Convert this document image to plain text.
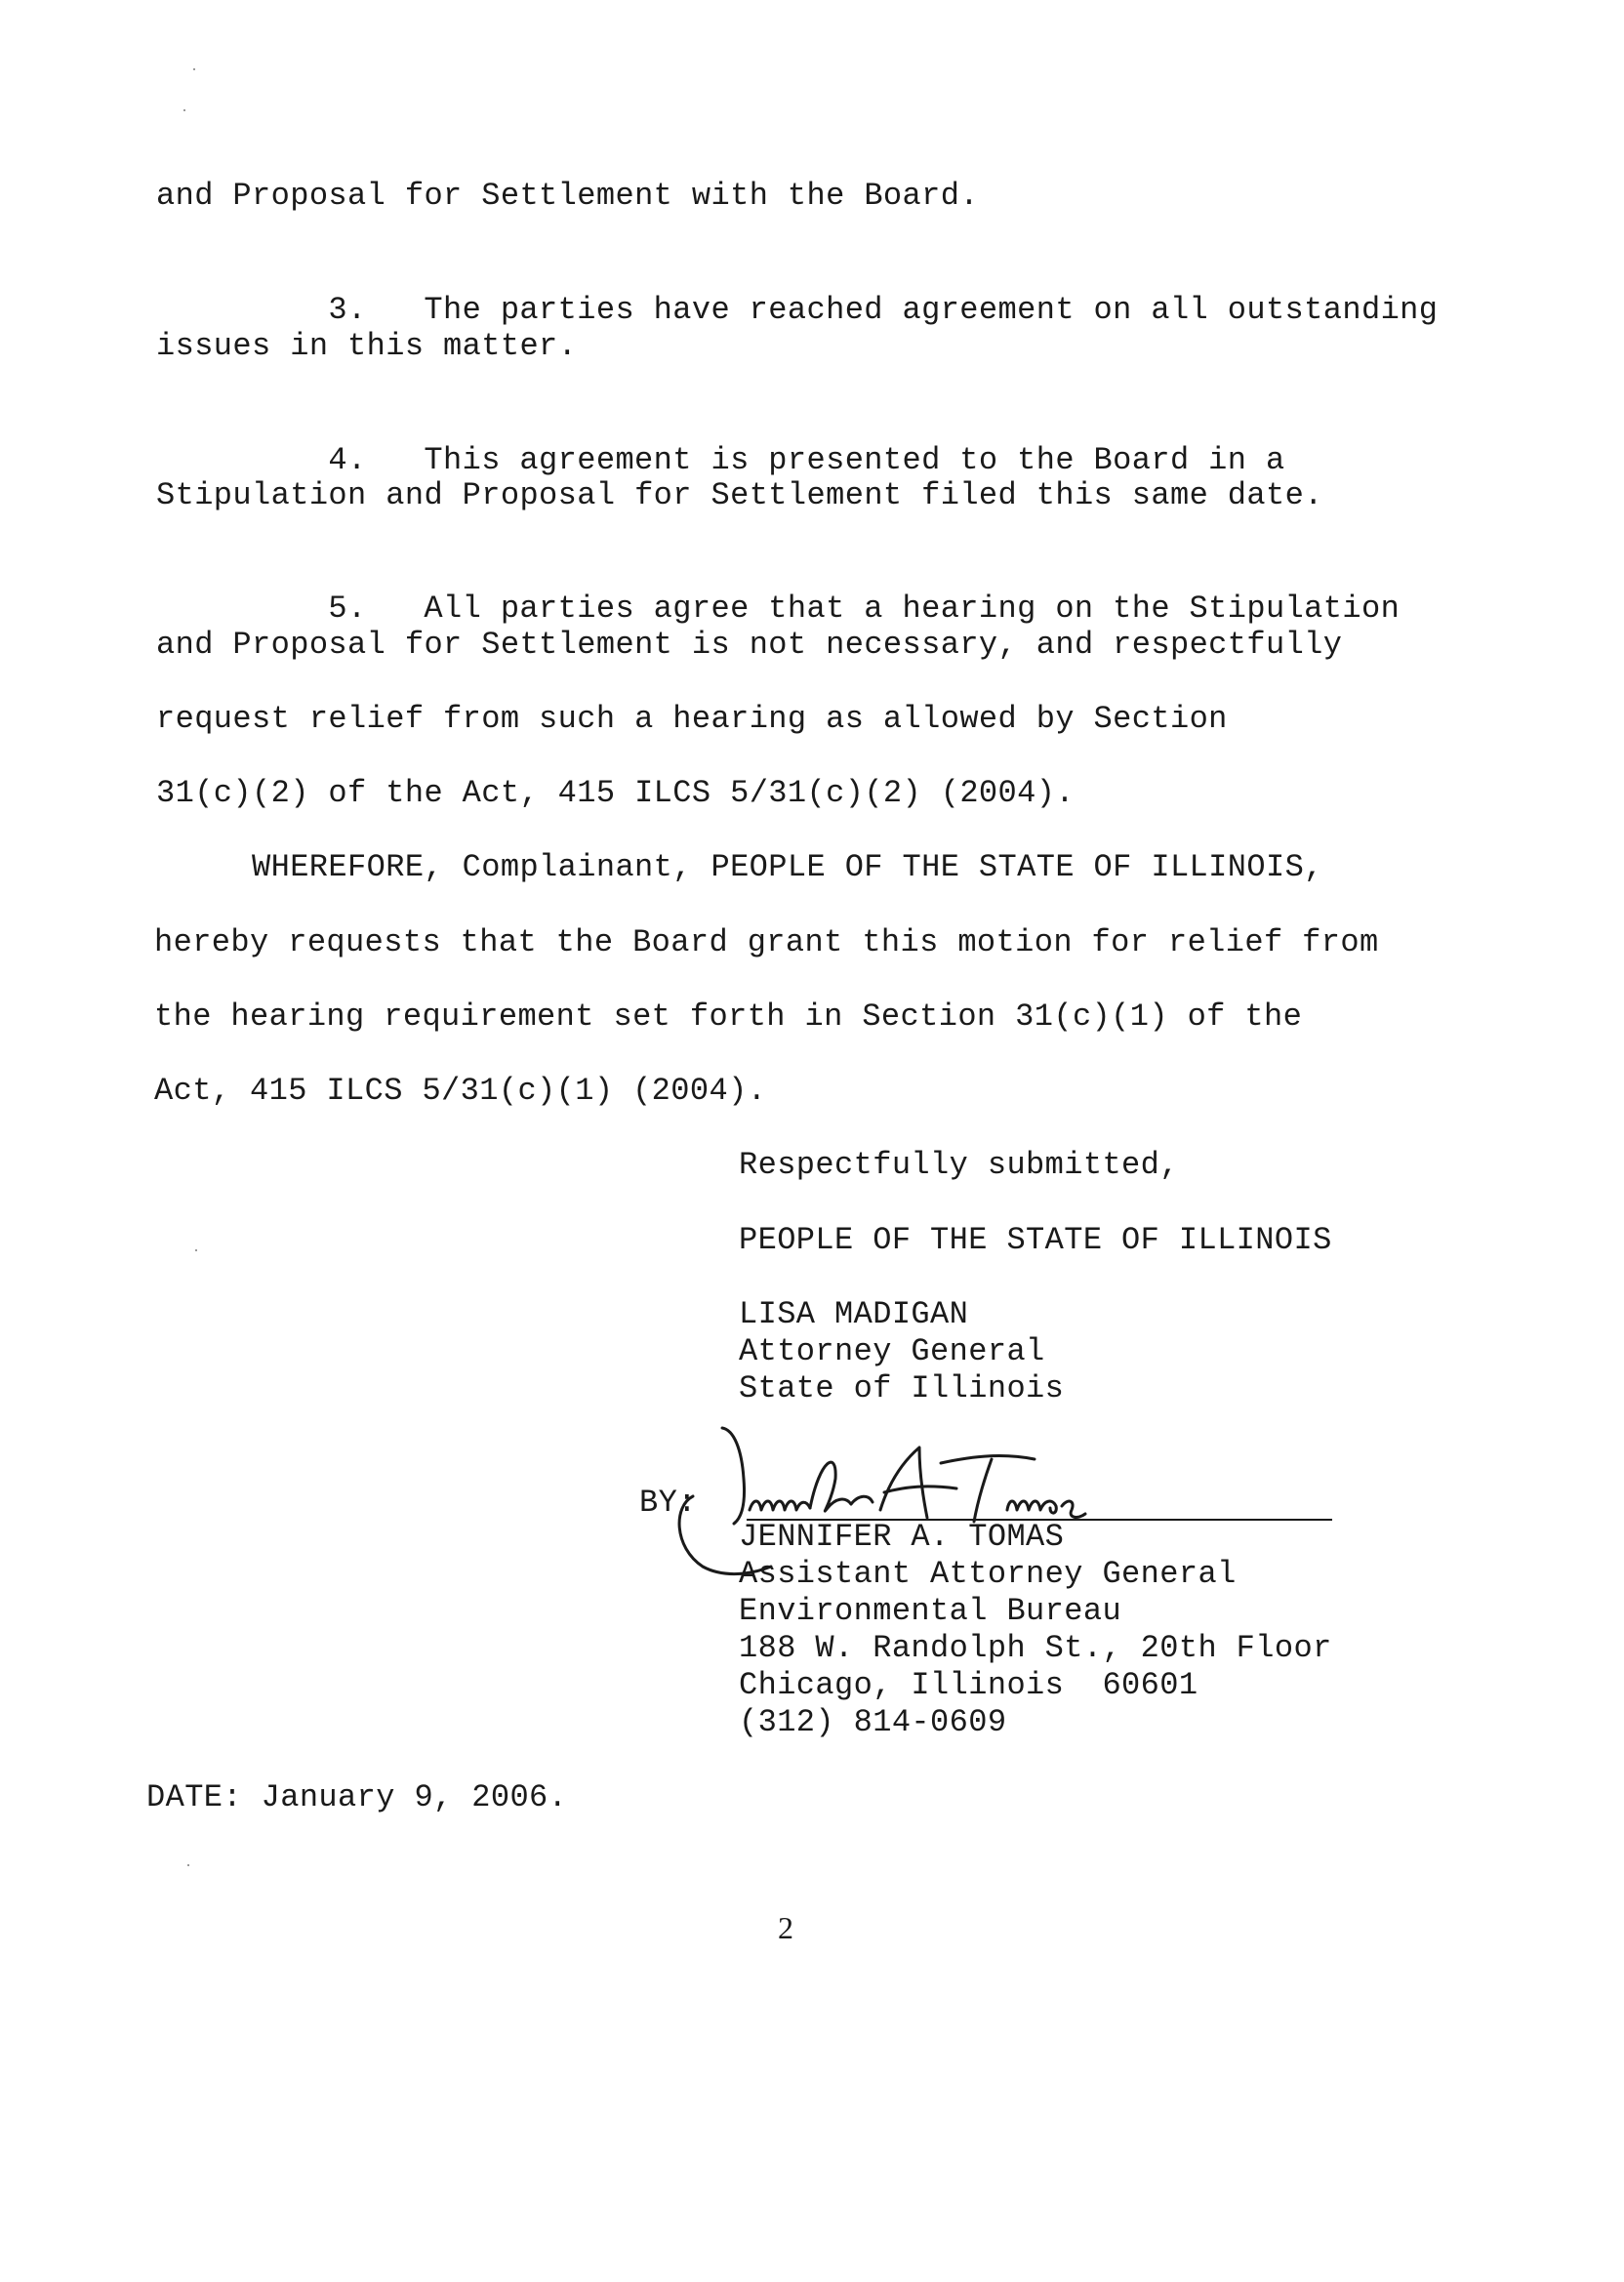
and Proposal for Settlement with the Board.

3. The parties have reached agreement on all outstanding

issues in this matter.

4. This agreement is presented to the Board in a

Stipulation and Proposal for Settlement filed this same date.

5. All parties agree that a hearing on the Stipulation

and Proposal for Settlement is not necessary, and respectfully
request relief from such a hearing as allowed by Section
31(c)(2) of the Act, 415 ILCS 5/31(c)(2) (2004).
WHEREFORE, Complainant, PEOPLE OF THE STATE OF ILLINOIS,
hereby requests that the Board grant this motion for relief from
the hearing requirement set forth in Section 31(c)(1) of the
Act, 415 ILCS 5/31(c)(1) (2004).
Respectfully submitted,
PEOPLE OF THE STATE OF ILLINOIS
LISA MADIGAN
Attorney General
State of Illinois
BY:
JENNIFER A. TOMAS
Assistant Attorney General
Environmental Bureau
188 W. Randolph St., 20th Floor
Chicago, Illinois  60601
(312) 814-0609
DATE: January 9, 2006.
2
